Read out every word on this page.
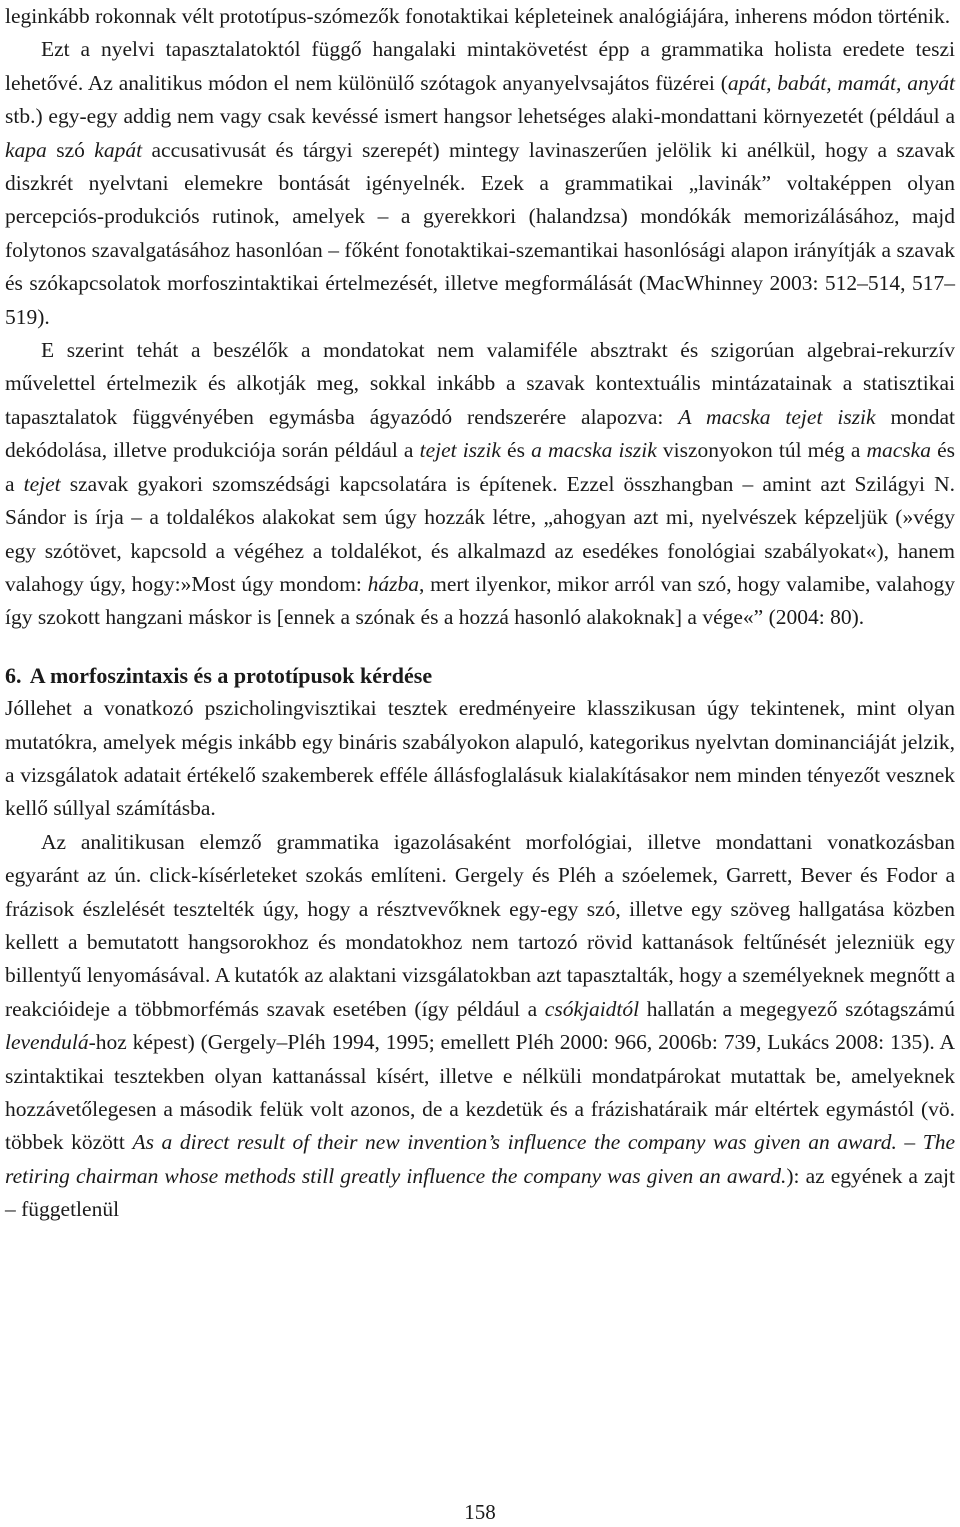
leginkább rokonnak vélt prototípus-szómezők fonotaktikai képleteinek analógiájára, inherens módon történik.

Ezt a nyelvi tapasztalatoktól függő hangalaki mintakövetést épp a grammatika holista eredete teszi lehetővé. Az analitikus módon el nem különülő szótagok anyanyelvsajátos füzérei (apát, babát, mamát, anyát stb.) egy-egy addig nem vagy csak kevéssé ismert hangsor lehetséges alaki-mondattani környezetét (például a kapa szó kapát accusativusát és tárgyi szerepét) mintegy lavinaszerűen jelölik ki anélkül, hogy a szavak diszkrét nyelvtani elemekre bontását igényelnék. Ezek a grammatikai „lavinák” voltaképpen olyan percepciós-produkciós rutinok, amelyek – a gyerekkori (halandzsa) mondókák memorizálásához, majd folytonos szavalgatásához hasonlóan – főként fonotaktikai-szemantikai hasonlósági alapon irányítják a szavak és szókapcsolatok morfoszintaktikai értelmezését, illetve megformálását (MacWhinney 2003: 512–514, 517–519).

E szerint tehát a beszélők a mondatokat nem valamiféle absztrakt és szigorúan algebrai-rekurzív művelettel értelmezik és alkotják meg, sokkal inkább a szavak kontextuális mintázatainak a statisztikai tapasztalatok függvényében egymásba ágyazódó rendszerére alapozva: A macska tejet iszik mondat dekódolása, illetve produkciója során például a tejet iszik és a macska iszik viszonyokon túl még a macska és a tejet szavak gyakori szomszédsági kapcsolatára is építenek. Ezzel összhangban – amint azt Szilágyi N. Sándor is írja – a toldalékos alakokat sem úgy hozzák létre, „ahogyan azt mi, nyelvészek képzeljük (»végy egy szótövet, kapcsold a végéhez a toldalékot, és alkalmazd az esedékes fonológiai szabályokat«), hanem valahogy úgy, hogy:»Most úgy mondom: házba, mert ilyenkor, mikor arról van szó, hogy valamibe, valahogy így szokott hangzani máskor is [ennek a szónak és a hozzá hasonló alakoknak] a vége«” (2004: 80).

6. A morfoszintaxis és a prototípusok kérdése

Jóllehet a vonatkozó pszicholingvisztikai tesztek eredményeire klasszikusan úgy tekintenek, mint olyan mutatókra, amelyek mégis inkább egy bináris szabályokon alapuló, kategorikus nyelvtan dominanciáját jelzik, a vizsgálatok adatait értékelő szakemberek efféle állásfoglalásuk kialakításakor nem minden tényezőt vesznek kellő súllyal számításba.

Az analitikusan elemző grammatika igazolásaként morfológiai, illetve mondattani vonatkozásban egyaránt az ún. click-kísérleteket szokás említeni. Gergely és Pléh a szóelemek, Garrett, Bever és Fodor a frázisok észlelését tesztelték úgy, hogy a résztvevőknek egy-egy szó, illetve egy szöveg hallgatása közben kellett a bemutatott hangsorokhoz és mondatokhoz nem tartozó rövid kattanások feltűnését jelezniük egy billentyű lenyomásával. A kutatók az alaktani vizsgálatokban azt tapasztalták, hogy a személyeknek megnőtt a reakcióideje a többmorfémás szavak esetében (így például a csókjaidtól hallatán a megegyező szótagszámú levendulá-hoz képest) (Gergely–Pléh 1994, 1995; emellett Pléh 2000: 966, 2006b: 739, Lukács 2008: 135). A szintaktikai tesztekben olyan kattanással kísért, illetve e nélküli mondatpárokat mutattak be, amelyeknek hozzávetőlegesen a második felük volt azonos, de a kezdetük és a frázishatáraik már eltértek egymástól (vö. többek között As a direct result of their new invention’s influence the company was given an award. – The retiring chairman whose methods still greatly influence the company was given an award.): az egyének a zajt – függetlenül

158
